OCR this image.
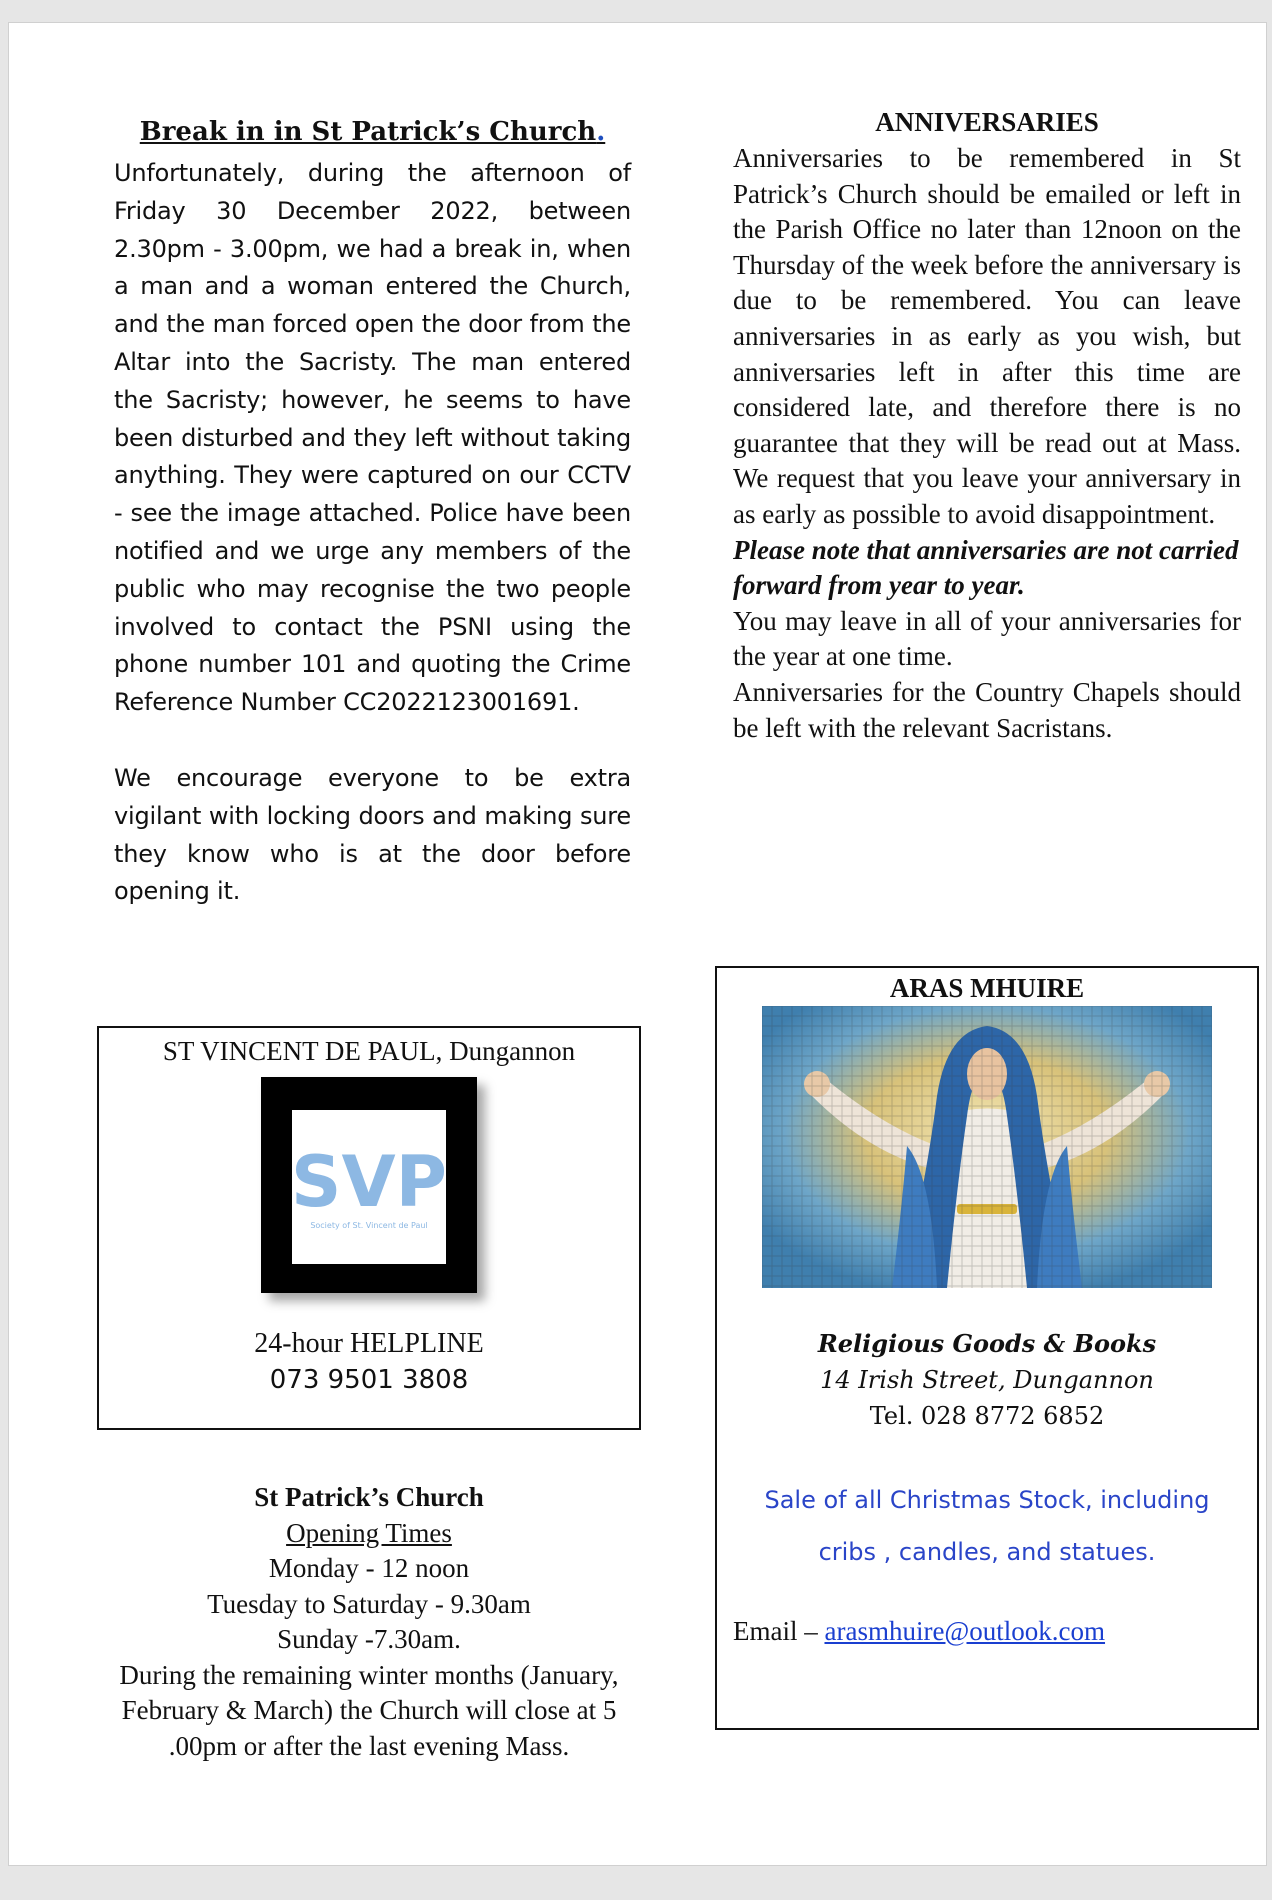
Break in in St Patrick’s Church.

Unfortunately, during the afternoon of Friday 30 December 2022, between 2.30pm - 3.00pm, we had a break in, when a man and a woman entered the Church, and the man forced open the door from the Altar into the Sacristy. The man entered the Sacristy; however, he seems to have been disturbed and they left without taking anything. They were captured on our CCTV - see the image attached. Police have been notified and we urge any members of the public who may recognise the two people involved to contact the PSNI using the phone number 101 and quoting the Crime Reference Number CC2022123001691.

We encourage everyone to be extra vigilant with locking doors and making sure they know who is at the door before opening it.

ST VINCENT DE PAUL, Dungannon
SVP
Society of St. Vincent de Paul
24-hour HELPLINE
073 9501 3808
St Patrick’s Church
Opening Times
Monday - 12 noon
Tuesday to Saturday - 9.30am
Sunday -7.30am.
During the remaining winter months (January, February & March) the Church will close at 5 .00pm or after the last evening Mass.

ANNIVERSARIES

Anniversaries to be remembered in St Patrick’s Church should be emailed or left in the Parish Office no later than 12noon on the Thursday of the week before the anniversary is due to be remembered. You can leave anniversaries in as early as you wish, but anniversaries left in after this time are considered late, and therefore there is no guarantee that they will be read out at Mass. We request that you leave your anniversary in as early as possible to avoid disappointment.

Please note that anniversaries are not carried forward from year to year.

You may leave in all of your anniversaries for the year at one time.

Anniversaries for the Country Chapels should be left with the relevant Sacristans.

ARAS MHUIRE
Religious Goods & Books
14 Irish Street, Dungannon
Tel. 028 8772 6852
Sale of all Christmas Stock, including
cribs , candles, and statues.
Email – arasmhuire@outlook.com
